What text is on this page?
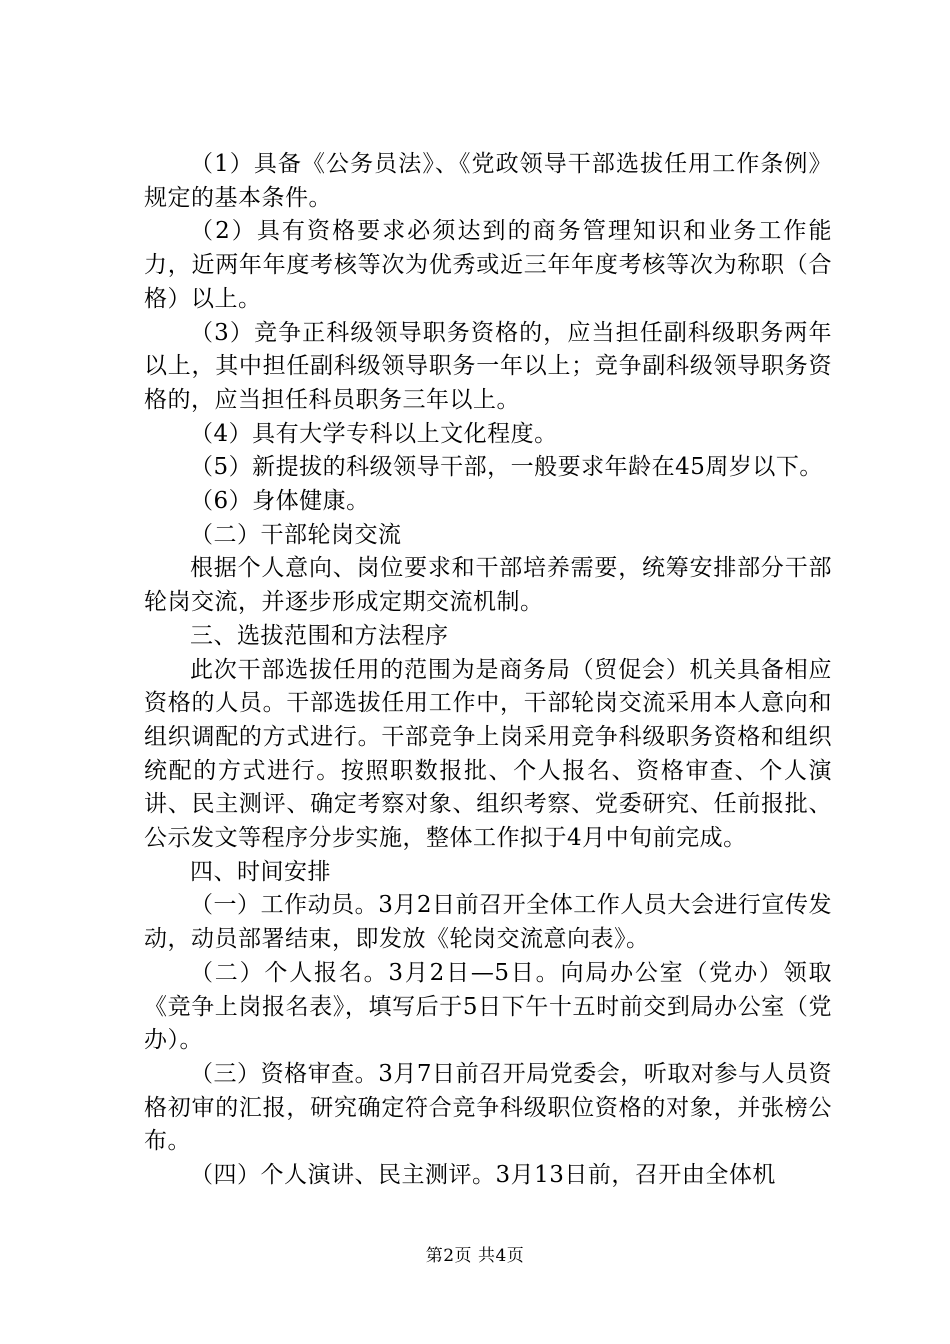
（1）具备《公务员法》、《党政领导干部选拔任用工作条例》规定的基本条件。

（2）具有资格要求必须达到的商务管理知识和业务工作能力，近两年年度考核等次为优秀或近三年年度考核等次为称职（合格）以上。

（3）竞争正科级领导职务资格的，应当担任副科级职务两年以上，其中担任副科级领导职务一年以上；竞争副科级领导职务资格的，应当担任科员职务三年以上。

（4）具有大学专科以上文化程度。

（5）新提拔的科级领导干部，一般要求年龄在45周岁以下。

（6）身体健康。

（二）干部轮岗交流

根据个人意向、岗位要求和干部培养需要，统筹安排部分干部轮岗交流，并逐步形成定期交流机制。

三、选拔范围和方法程序

此次干部选拔任用的范围为是商务局（贸促会）机关具备相应资格的人员。干部选拔任用工作中，干部轮岗交流采用本人意向和组织调配的方式进行。干部竞争上岗采用竞争科级职务资格和组织统配的方式进行。按照职数报批、个人报名、资格审查、个人演讲、民主测评、确定考察对象、组织考察、党委研究、任前报批、公示发文等程序分步实施，整体工作拟于4月中旬前完成。

四、时间安排

（一）工作动员。3月2日前召开全体工作人员大会进行宣传发动，动员部署结束，即发放《轮岗交流意向表》。

（二）个人报名。3月2日—5日。向局办公室（党办）领取《竞争上岗报名表》，填写后于5日下午十五时前交到局办公室（党办）。

（三）资格审查。3月7日前召开局党委会，听取对参与人员资格初审的汇报，研究确定符合竞争科级职位资格的对象，并张榜公布。

（四）个人演讲、民主测评。3月13日前，召开由全体机

第2页 共4页
